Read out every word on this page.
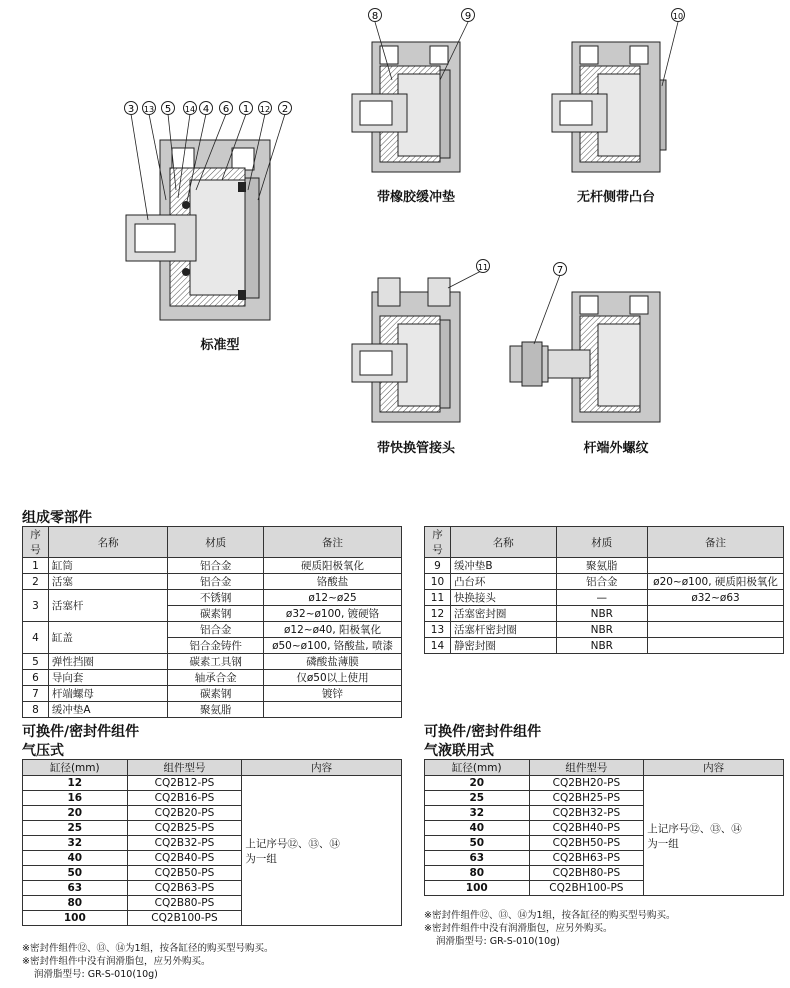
3 13 5 14 4 6 1 12 2
8	9	10
11	7
标准型
带橡胶缓冲垫	无杆侧带凸台
带快换管接头	杆端外螺纹
组成零部件
序号	名称	材质	备注
1	缸筒	铝合金	硬质阳极氧化
2	活塞	铝合金	铬酸盐
3	活塞杆	不锈钢	ø12~ø25
		碳素钢	ø32~ø100, 镀硬铬
4	缸盖	铝合金	ø12~ø40, 阳极氧化
		铝合金铸件	ø50~ø100, 铬酸盐, 喷漆
5	弹性挡圈	碳素工具钢	磷酸盐薄膜
6	导向套	轴承合金	仅ø50以上使用
7	杆端螺母	碳素钢	镀锌
8	缓冲垫A	聚氨脂	
序号	名称	材质	备注
9	缓冲垫B	聚氨脂	
10	凸台环	铝合金	ø20~ø100, 硬质阳极氧化
11	快换接头	—	ø32~ø63
12	活塞密封圈	NBR	
13	活塞杆密封圈	NBR	
14	静密封圈	NBR	
可换件/密封件组件
气压式
缸径(mm)	组件型号	内容
12	CQ2B12-PS	上记序号⑫、⑬、⑭
为一组

16	CQ2B16-PS	
20	CQ2B20-PS	
25	CQ2B25-PS	
32	CQ2B32-PS	
40	CQ2B40-PS	
50	CQ2B50-PS	
63	CQ2B63-PS	
80	CQ2B80-PS	
100	CQ2B100-PS	
※密封件组件⑫、⑬、⑭为1组，按各缸径的购买型号购买。
※密封件组件中没有润滑脂包，应另外购买。
润滑脂型号: GR-S-010(10g)
可换件/密封件组件
气液联用式
缸径(mm)	组件型号	内容
20	CQ2BH20-PS	上记序号⑫、⑬、⑭
为一组

25	CQ2BH25-PS	
32	CQ2BH32-PS	
40	CQ2BH40-PS	
50	CQ2BH50-PS	
63	CQ2BH63-PS	
80	CQ2BH80-PS	
100	CQ2BH100-PS	
※密封件组件⑫、⑬、⑭为1组，按各缸径的购买型号购买。
※密封件组件中没有润滑脂包，应另外购买。
润滑脂型号: GR-S-010(10g)
